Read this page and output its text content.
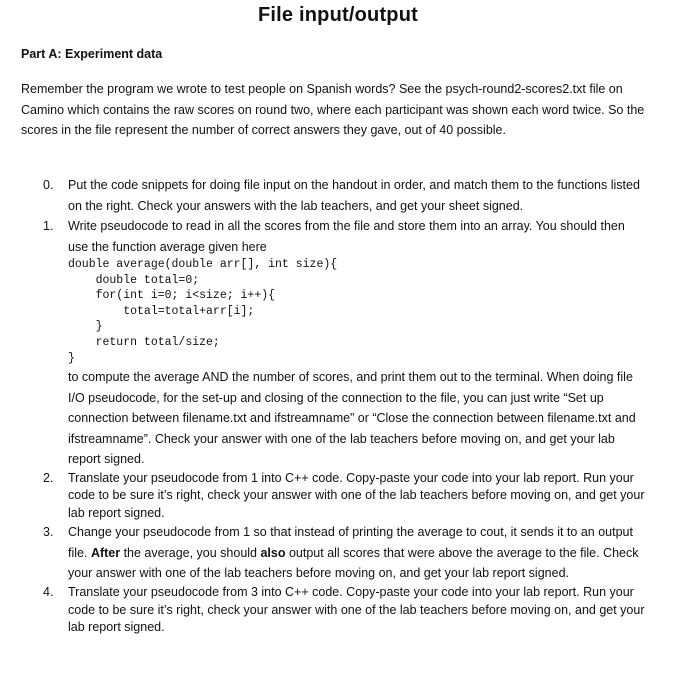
File input/output
Part A: Experiment data

Remember the program we wrote to test people on Spanish words? See the psych-round2-scores2.txt file on Camino which contains the raw scores on round two, where each participant was shown each word twice. So the scores in the file represent the number of correct answers they gave, out of 40 possible.

0. Put the code snippets for doing file input on the handout in order, and match them to the functions listed on the right. Check your answers with the lab teachers, and get your sheet signed.

1. Write pseudocode to read in all the scores from the file and store them into an array. You should then use the function average given here

double average(double arr[], int size){
double total=0;
for(int i=0; i<size; i++){
total=total+arr[i];
}
return total/size;
}

to compute the average AND the number of scores, and print them out to the terminal. When doing file I/O pseudocode, for the set-up and closing of the connection to the file, you can just write “Set up connection between filename.txt and ifstreamname” or “Close the connection between filename.txt and ifstreamname”. Check your answer with one of the lab teachers before moving on, and get your lab report signed.

2. Translate your pseudocode from 1 into C++ code. Copy-paste your code into your lab report. Run your code to be sure it’s right, check your answer with one of the lab teachers before moving on, and get your lab report signed.

3. Change your pseudocode from 1 so that instead of printing the average to cout, it sends it to an output file. After the average, you should also output all scores that were above the average to the file. Check your answer with one of the lab teachers before moving on, and get your lab report signed.

4. Translate your pseudocode from 3 into C++ code. Copy-paste your code into your lab report. Run your code to be sure it’s right, check your answer with one of the lab teachers before moving on, and get your lab report signed.
